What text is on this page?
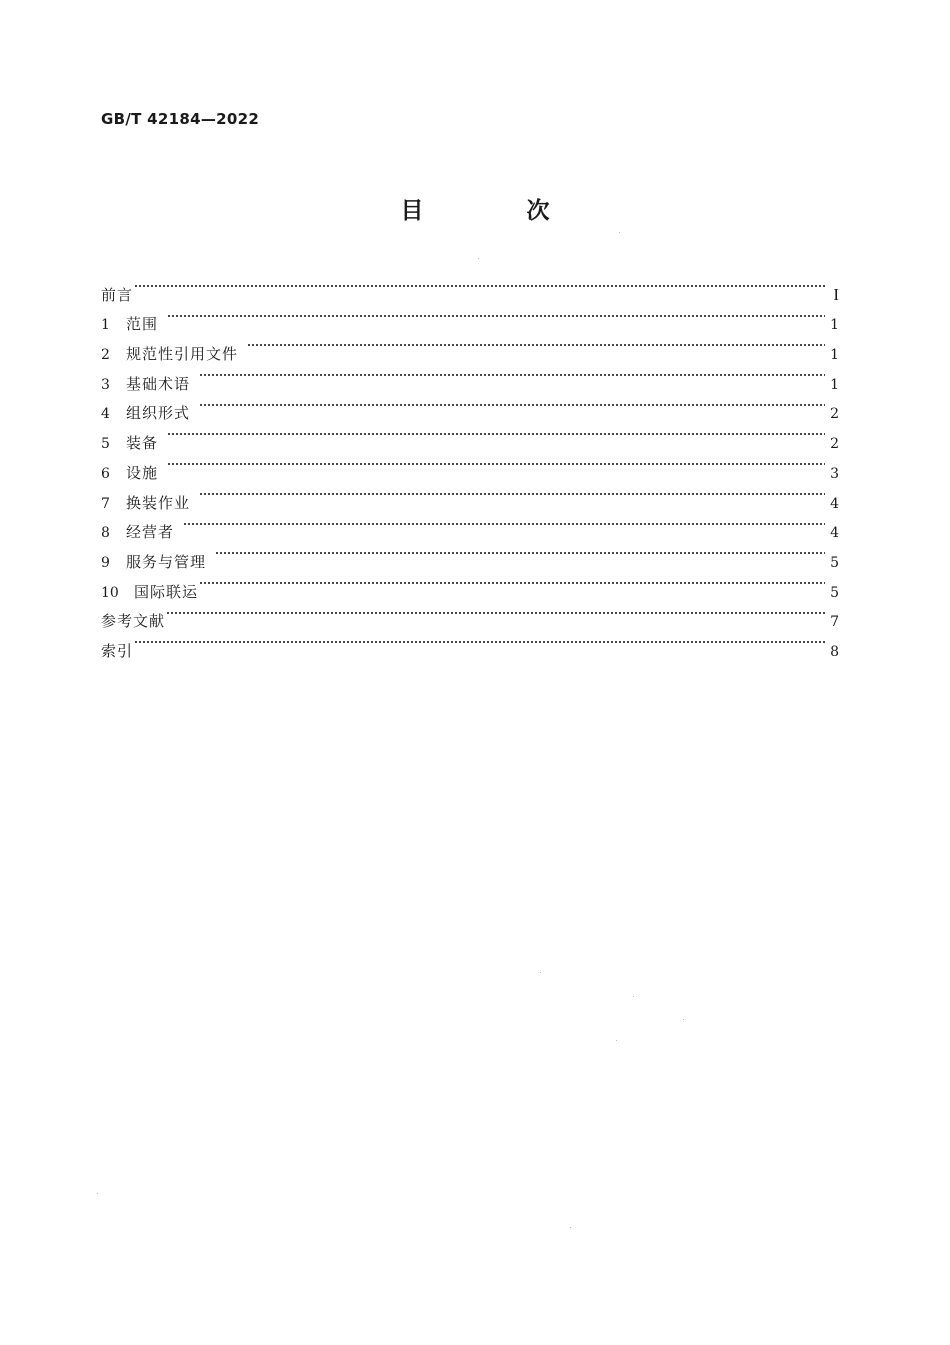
GB/T 42184—2022
目　次
前言	I
1	范围	1
2	规范性引用文件	1
3	基础术语	1
4	组织形式	2
5	装备	2
6	设施	3
7	换装作业	4
8	经营者	4
9	服务与管理	5
10	国际联运	5
参考文献	7
索引	8
